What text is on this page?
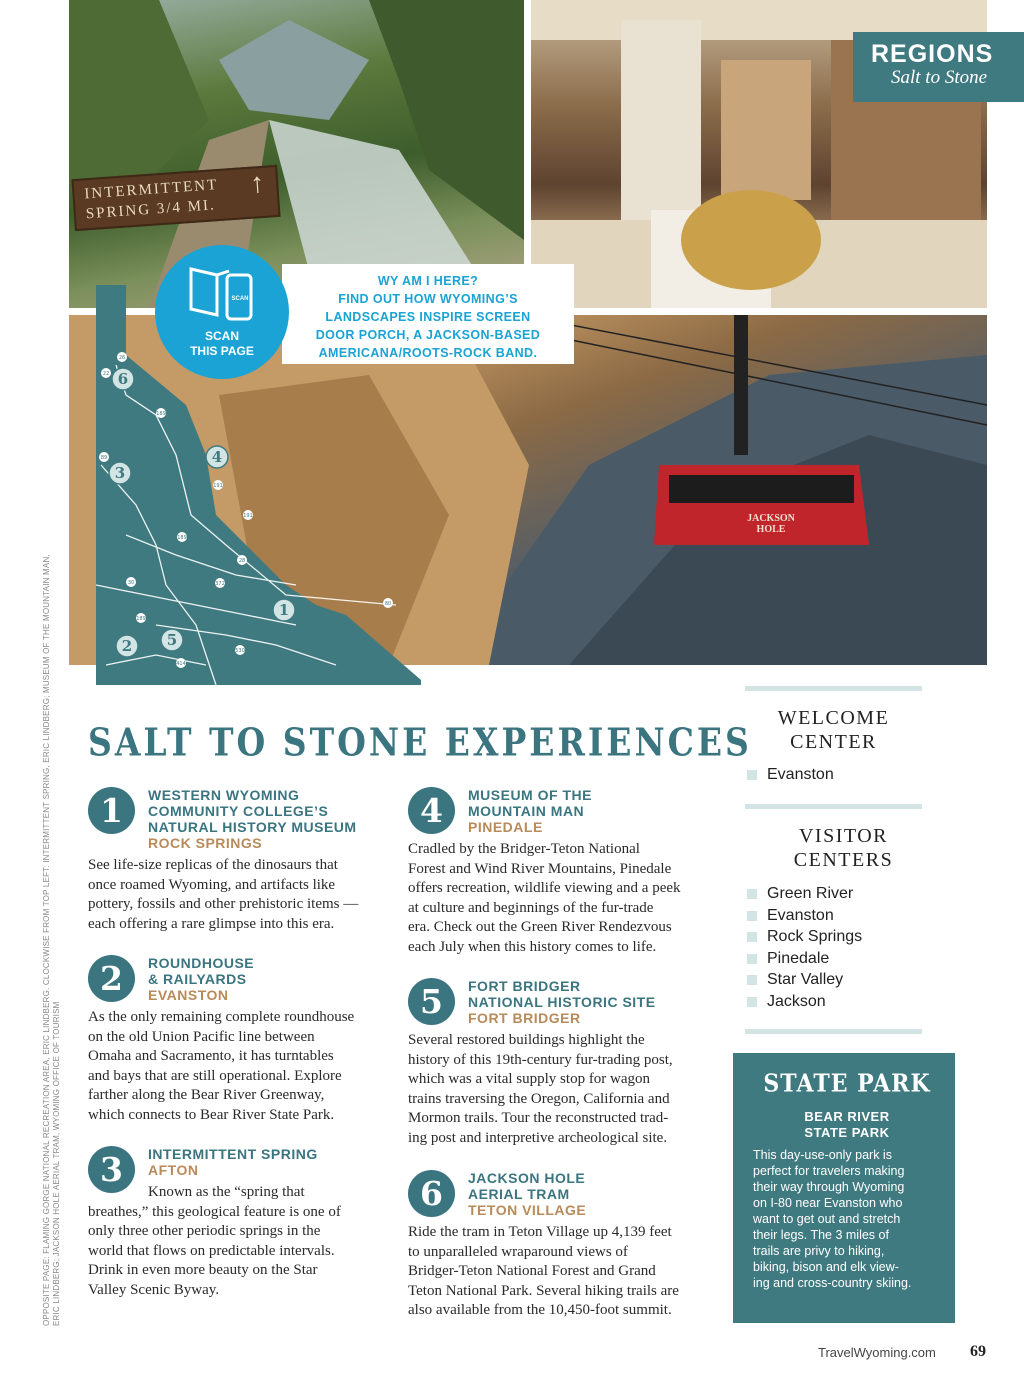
INTERMITTENT
SPRING 3/4 MI.
↑
REGIONS
Salt to Stone
JACKSON HOLE
26
22
189
89
191
191
189
28
372
30
189
80
414
530
6
3
4
1
2 5
WY AM I HERE?
FIND OUT HOW WYOMING’S
LANDSCAPES INSPIRE SCREEN
DOOR PORCH, A JACKSON-BASED
AMERICANA/ROOTS-ROCK BAND.
SCAN
SCAN
THIS PAGE
OPPOSITE PAGE: FLAMING GORGE NATIONAL RECREATION AREA, ERIC LINDBERG. CLOCKWISE FROM TOP LEFT: INTERMITTENT SPRING, ERIC LINDBERG; MUSEUM OF THE MOUNTAIN MAN, ERIC LINDBERG; JACKSON HOLE AERIAL TRAM, WYOMING OFFICE OF TOURISM
SALT TO STONE EXPERIENCES
1	WESTERN WYOMING
COMMUNITY COLLEGE’S
NATURAL HISTORY MUSEUM
ROCK SPRINGS
See life-size replicas of the dinosaurs that
once roamed Wyoming, and artifacts like
pottery, fossils and other prehistoric items —
each offering a rare glimpse into this era.
2	ROUNDHOUSE
& RAILYARDS
EVANSTON
As the only remaining complete roundhouse
on the old Union Pacific line between
Omaha and Sacramento, it has turntables
and bays that are still operational. Explore
farther along the Bear River Greenway,
which connects to Bear River State Park.
3	INTERMITTENT SPRING
AFTON
Known as the “spring that
breathes,” this geological feature is one of
only three other periodic springs in the
world that flows on predictable intervals.
Drink in even more beauty on the Star
Valley Scenic Byway.
4	MUSEUM OF THE
MOUNTAIN MAN
PINEDALE
Cradled by the Bridger-Teton National
Forest and Wind River Mountains, Pinedale
offers recreation, wildlife viewing and a peek
at culture and beginnings of the fur-trade
era. Check out the Green River Rendezvous
each July when this history comes to life.
5	FORT BRIDGER
NATIONAL HISTORIC SITE
FORT BRIDGER
Several restored buildings highlight the
history of this 19th-century fur-trading post,
which was a vital supply stop for wagon
trains traversing the Oregon, California and
Mormon trails. Tour the reconstructed trad-
ing post and interpretive archeological site.
6	JACKSON HOLE
AERIAL TRAM
TETON VILLAGE
Ride the tram in Teton Village up 4,139 feet
to unparalleled wraparound views of
Bridger-Teton National Forest and Grand
Teton National Park. Several hiking trails are
also available from the 10,450-foot summit.
WELCOME
CENTER
Evanston
VISITOR
CENTERS
Green River
Evanston
Rock Springs
Pinedale
Star Valley
Jackson
STATE PARK
BEAR RIVER
STATE PARK
This day-use-only park is
perfect for travelers making
their way through Wyoming
on I-80 near Evanston who
want to get out and stretch
their legs. The 3 miles of
trails are privy to hiking,
biking, bison and elk view-
ing and cross-country skiing.
TravelWyoming.com 69
